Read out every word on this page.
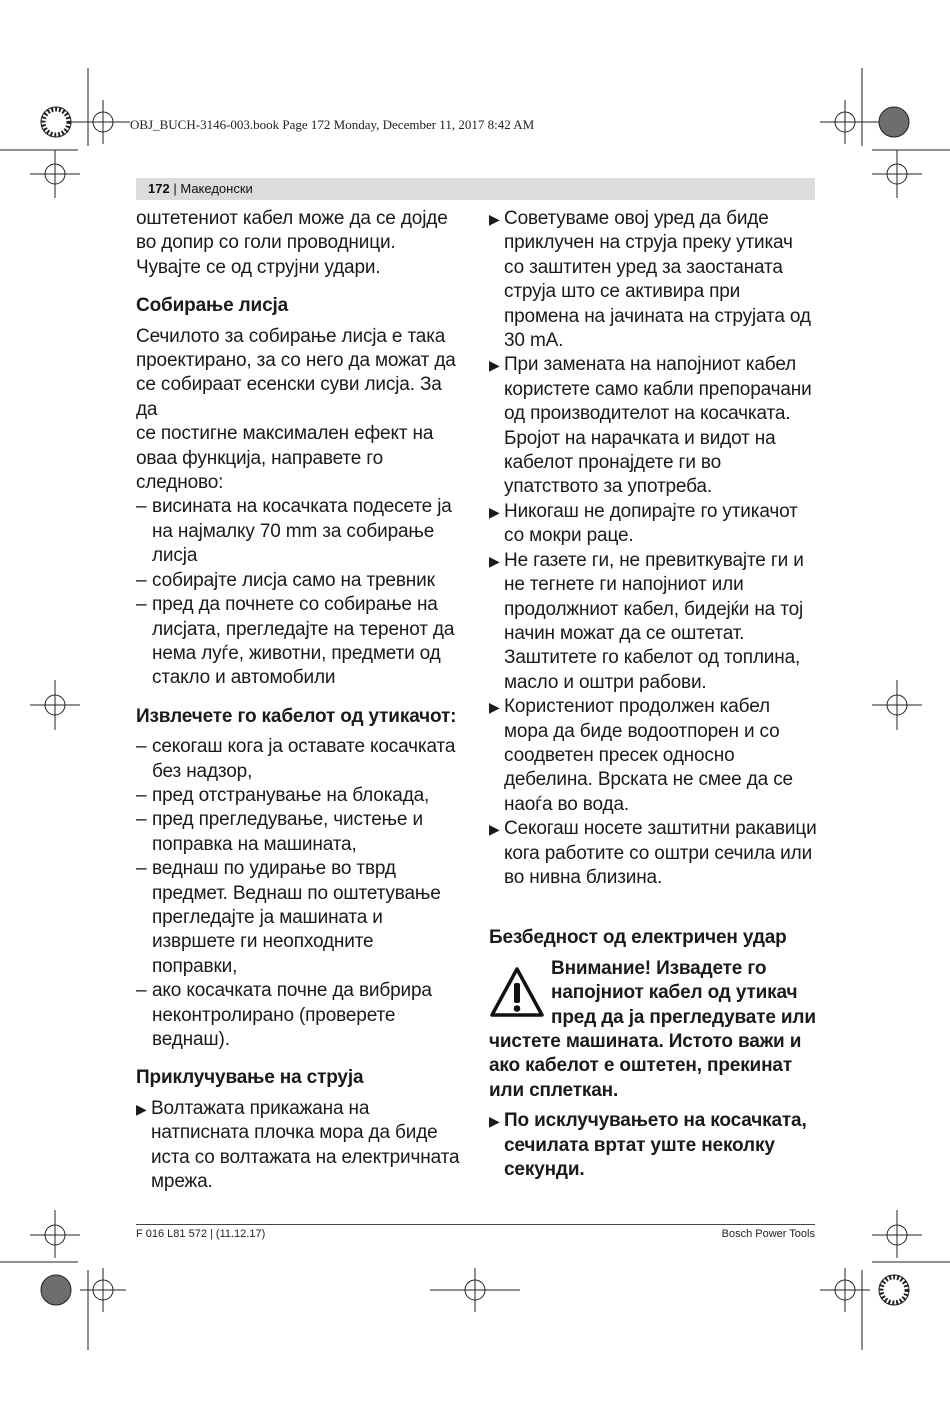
OBJ_BUCH-3146-003.book Page 172 Monday, December 11, 2017 8:42 AM
172 | Македонски

оштетениот кабел може да се дојде
во допир со голи проводници.
Чувајте се од струјни удари.

Собирање лисја

Сечилото за собирање лисја е така
проектирано, за со него да можат да
се собираат есенски суви лисја. За да
се постигне максимален ефект на
оваа функција, направете го
следново:

– висината на косачката подесете ја
на најмалку 70 mm за собирање
лисја

– собирајте лисја само на тревник

– пред да почнете со собирање на
лисјата, прегледајте на теренот да
нема луѓе, животни, предмети од
стакло и автомобили

Извлечете го кабелот од утикачот:

– секогаш кога ја оставате косачката
без надзор,

– пред отстранување на блокада,

– пред прегледување, чистење и
поправка на машината,

– веднаш по удирање во тврд
предмет. Веднаш по оштетување
прегледајте ја машината и
извршете ги неопходните
поправки,

– ако косачката почне да вибрира
неконтролирано (проверете
веднаш).

Приклучување на струја

▶ Волтажата прикажана на
натписната плочка мора да биде
иста со волтажата на електричната
мрежа.

▶ Советуваме овој уред да биде
приклучен на струја преку утикач
со заштитен уред за заостаната
струја што се активира при
промена на јачината на струјата од
30 mA.

▶ При замената на напојниот кабел
користете само кабли препорачани
од производителот на косачката.
Бројот на нарачката и видот на
кабелот пронајдете ги во
упатството за употреба.

▶ Никогаш не допирајте го утикачот
со мокри раце.

▶ Не газете ги, не превиткувајте ги и
не тегнете ги напојниот или
продолжниот кабел, бидејќи на тој
начин можат да се оштетат.
Заштитете го кабелот од топлина,
масло и оштри рабови.

▶ Користениот продолжен кабел
мора да биде водоотпорен и со
соодветен пресек односно
дебелина. Врската не смее да се
наоѓа во вода.

▶ Секогаш носете заштитни ракавици
кога работите со оштри сечила или
во нивна близина.

Безбедност од електричен удар
Внимание! Извадете го
напојниот кабел од утикач
пред да ја прегледувате или
чистете машината. Истото важи и
ако кабелот е оштетен, прекинат
или сплеткан.

▶ По исклучувањето на косачката,
сечилата вртат уште неколку
секунди.

F 016 L81 572 | (11.12.17)	Bosch Power Tools
